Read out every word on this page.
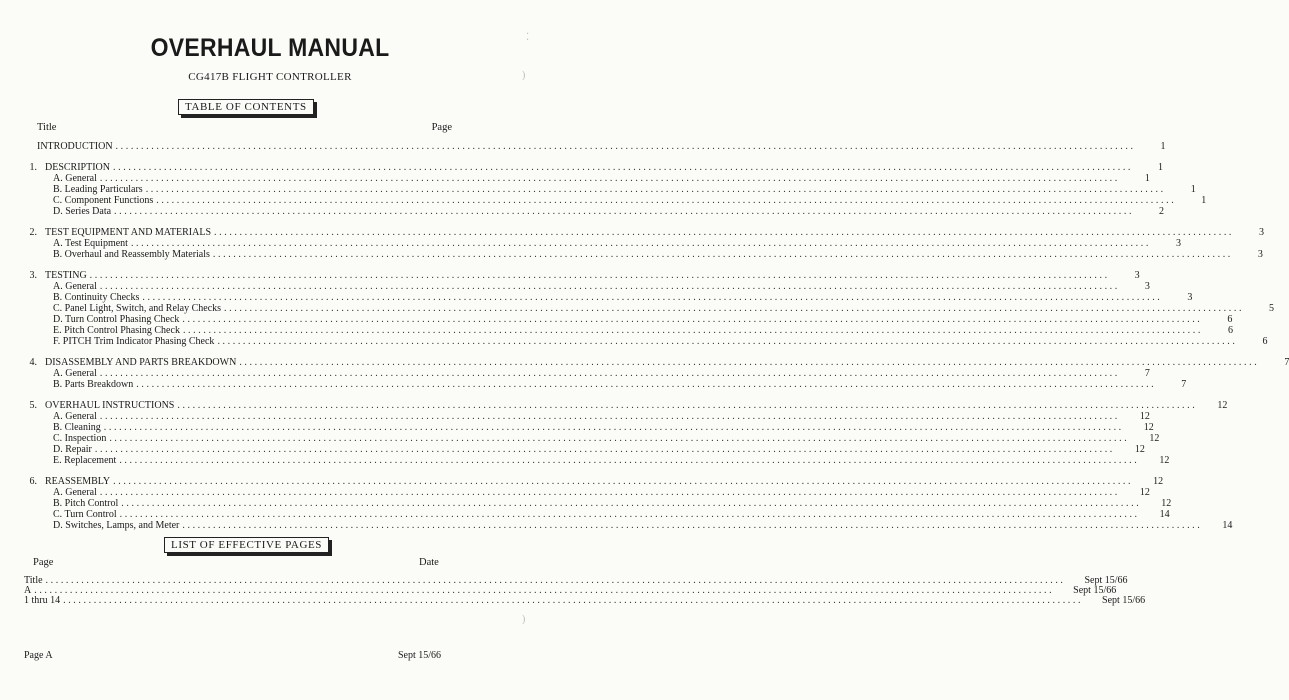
OVERHAUL MANUAL
CG417B FLIGHT CONTROLLER
TABLE OF CONTENTS
Title	Page
INTRODUCTION ........................................................................................................................................................................................................	1
1. DESCRIPTION ........................................................................................................................................................................................................	1
A. General ........................................................................................................................................................................................................	1
B. Leading Particulars ........................................................................................................................................................................................................	1
C. Component Functions ........................................................................................................................................................................................................	1
D. Series Data ........................................................................................................................................................................................................	2
2. TEST EQUIPMENT AND MATERIALS ........................................................................................................................................................................................................	3
A. Test Equipment ........................................................................................................................................................................................................	3
B. Overhaul and Reassembly Materials ........................................................................................................................................................................................................	3
3. TESTING ........................................................................................................................................................................................................	3
A. General ........................................................................................................................................................................................................	3
B. Continuity Checks ........................................................................................................................................................................................................	3
C. Panel Light, Switch, and Relay Checks ........................................................................................................................................................................................................	5
D. Turn Control Phasing Check ........................................................................................................................................................................................................	6
E. Pitch Control Phasing Check ........................................................................................................................................................................................................	6
F. PITCH Trim Indicator Phasing Check ........................................................................................................................................................................................................	6
4. DISASSEMBLY AND PARTS BREAKDOWN ........................................................................................................................................................................................................	7
A. General ........................................................................................................................................................................................................	7
B. Parts Breakdown ........................................................................................................................................................................................................	7
5. OVERHAUL INSTRUCTIONS ........................................................................................................................................................................................................	12
A. General ........................................................................................................................................................................................................	12
B. Cleaning ........................................................................................................................................................................................................	12
C. Inspection ........................................................................................................................................................................................................	12
D. Repair ........................................................................................................................................................................................................	12
E. Replacement ........................................................................................................................................................................................................	12
6. REASSEMBLY ........................................................................................................................................................................................................	12
A. General ........................................................................................................................................................................................................	12
B. Pitch Control ........................................................................................................................................................................................................	12
C. Turn Control ........................................................................................................................................................................................................	14
D. Switches, Lamps, and Meter ........................................................................................................................................................................................................	14
LIST OF EFFECTIVE PAGES
Page	Date
Title ........................................................................................................................................................................................................	Sept 15/66
A ........................................................................................................................................................................................................	Sept 15/66
1 thru 14 ........................................................................................................................................................................................................	Sept 15/66
Page A	Sept 15/66
⁚
)
)
